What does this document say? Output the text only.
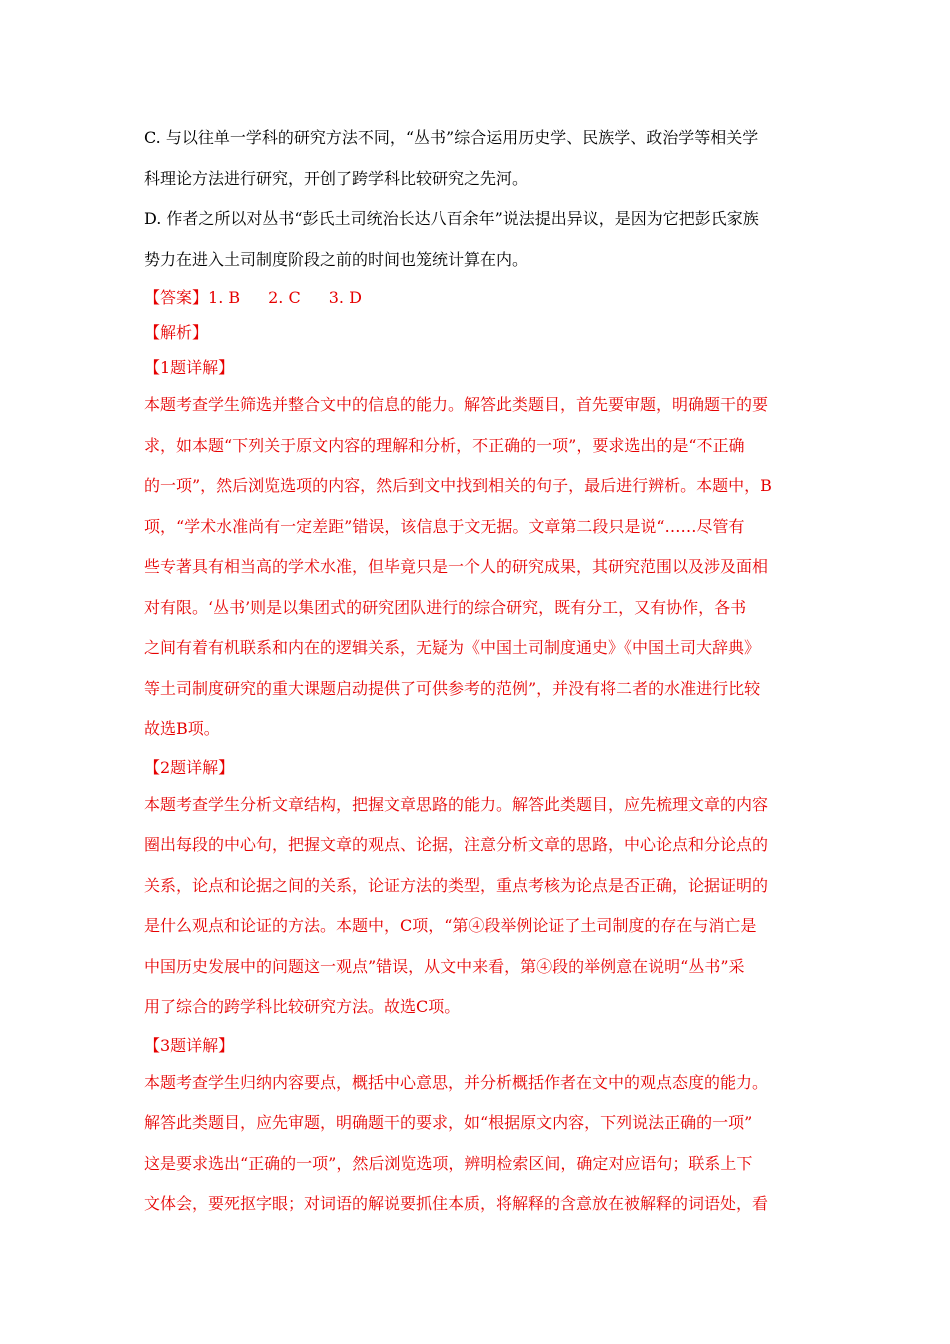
C. 与以往单一学科的研究方法不同，“丛书”综合运用历史学、民族学、政治学等相关学

科理论方法进行研究，开创了跨学科比较研究之先河。

D. 作者之所以对丛书“彭氏土司统治长达八百余年”说法提出异议，是因为它把彭氏家族

势力在进入土司制度阶段之前的时间也笼统计算在内。

【答案】1. B 2. C 3. D

【解析】

【1题详解】

本题考查学生筛选并整合文中的信息的能力。解答此类题目，首先要审题，明确题干的要

求，如本题“下列关于原文内容的理解和分析，不正确的一项”，要求选出的是“不正确

的一项”，然后浏览选项的内容，然后到文中找到相关的句子，最后进行辨析。本题中，B

项，“学术水准尚有一定差距”错误，该信息于文无据。文章第二段只是说“……尽管有

些专著具有相当高的学术水准，但毕竟只是一个人的研究成果，其研究范围以及涉及面相

对有限。‘丛书’则是以集团式的研究团队进行的综合研究，既有分工，又有协作，各书

之间有着有机联系和内在的逻辑关系，无疑为《中国土司制度通史》《中国土司大辞典》

等土司制度研究的重大课题启动提供了可供参考的范例”，并没有将二者的水准进行比较

故选B项。

【2题详解】

本题考查学生分析文章结构，把握文章思路的能力。解答此类题目，应先梳理文章的内容

圈出每段的中心句，把握文章的观点、论据，注意分析文章的思路，中心论点和分论点的

关系，论点和论据之间的关系，论证方法的类型，重点考核为论点是否正确，论据证明的

是什么观点和论证的方法。本题中，C项，“第④段举例论证了土司制度的存在与消亡是

中国历史发展中的问题这一观点”错误，从文中来看，第④段的举例意在说明“丛书”采

用了综合的跨学科比较研究方法。故选C项。

【3题详解】

本题考查学生归纳内容要点，概括中心意思，并分析概括作者在文中的观点态度的能力。

解答此类题目，应先审题，明确题干的要求，如“根据原文内容，下列说法正确的一项”

这是要求选出“正确的一项”，然后浏览选项，辨明检索区间，确定对应语句；联系上下

文体会，要死抠字眼；对词语的解说要抓住本质，将解释的含意放在被解释的词语处，看
